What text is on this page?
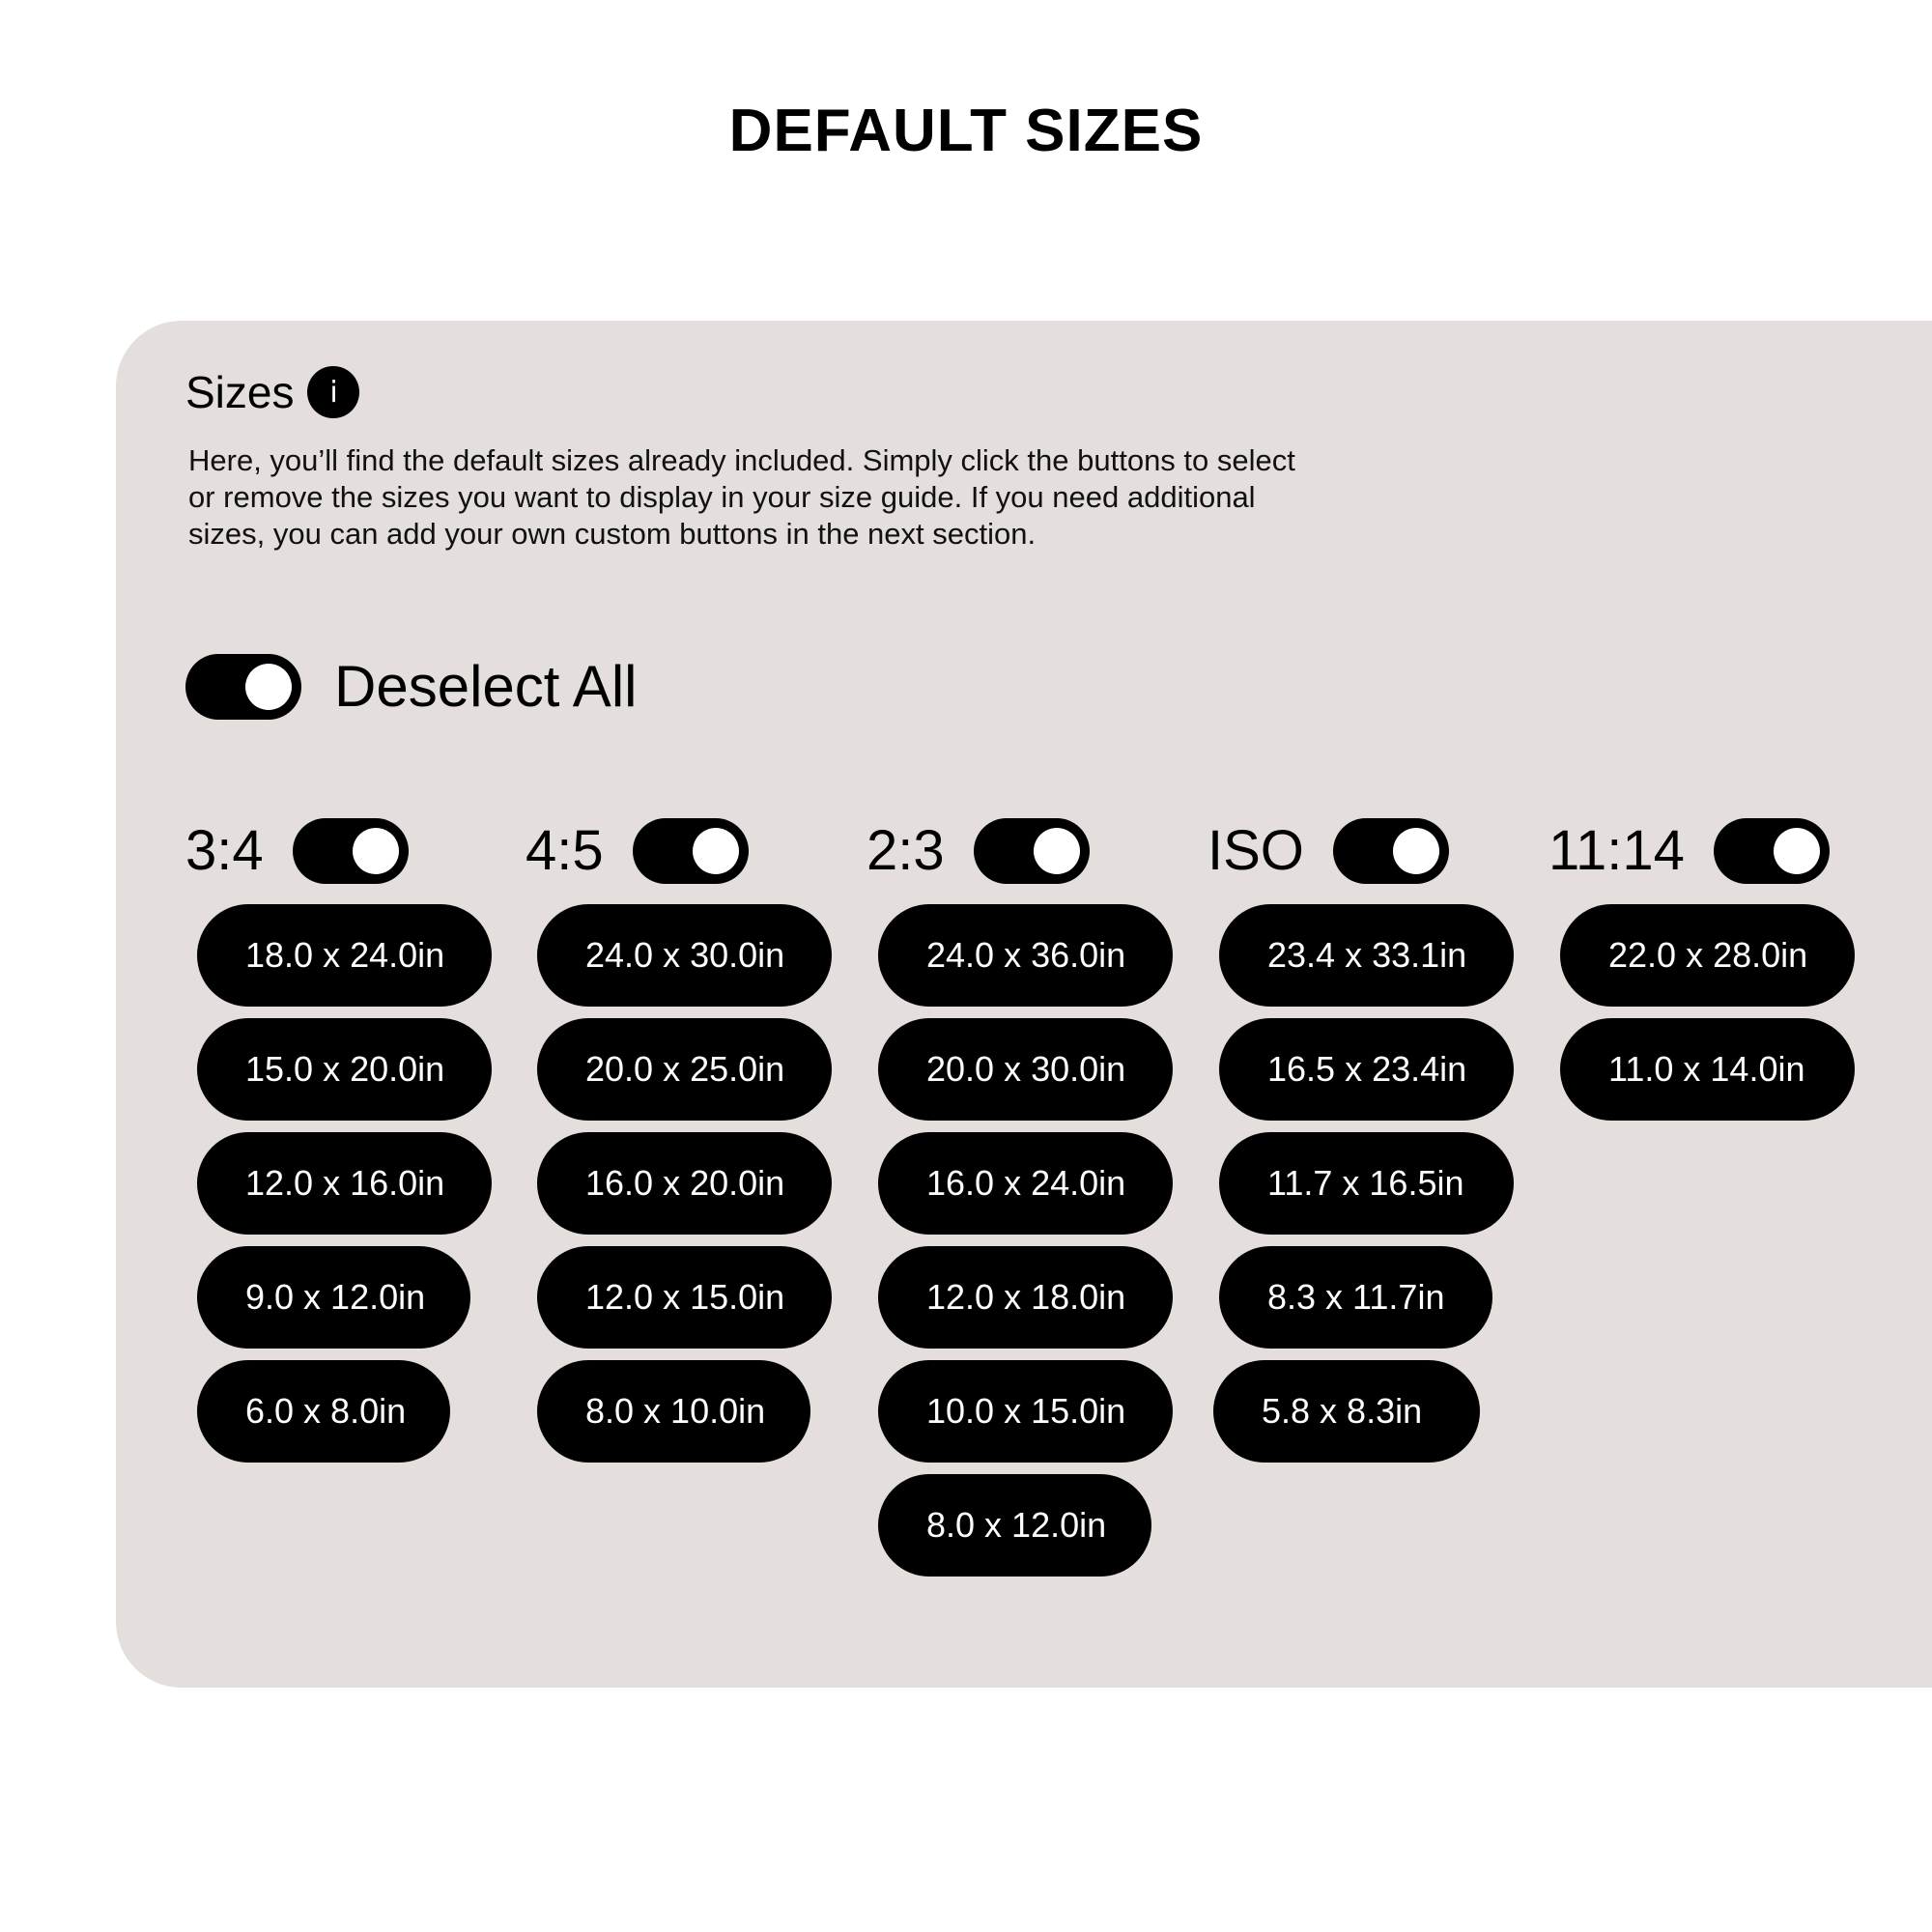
DEFAULT SIZES
Sizes	i
Here, you’ll find the default sizes already included. Simply click the buttons to select or remove the sizes you want to display in your size guide. If you need additional sizes, you can add your own custom buttons in the next section.
Deselect All
3:4
18.0 x 24.0in
15.0 x 20.0in
12.0 x 16.0in
9.0 x 12.0in
6.0 x 8.0in
4:5
24.0 x 30.0in
20.0 x 25.0in
16.0 x 20.0in
12.0 x 15.0in
8.0 x 10.0in
2:3
24.0 x 36.0in
20.0 x 30.0in
16.0 x 24.0in
12.0 x 18.0in
10.0 x 15.0in
8.0 x 12.0in
ISO
23.4 x 33.1in
16.5 x 23.4in
11.7 x 16.5in
8.3 x 11.7in
5.8 x 8.3in
11:14
22.0 x 28.0in
11.0 x 14.0in
